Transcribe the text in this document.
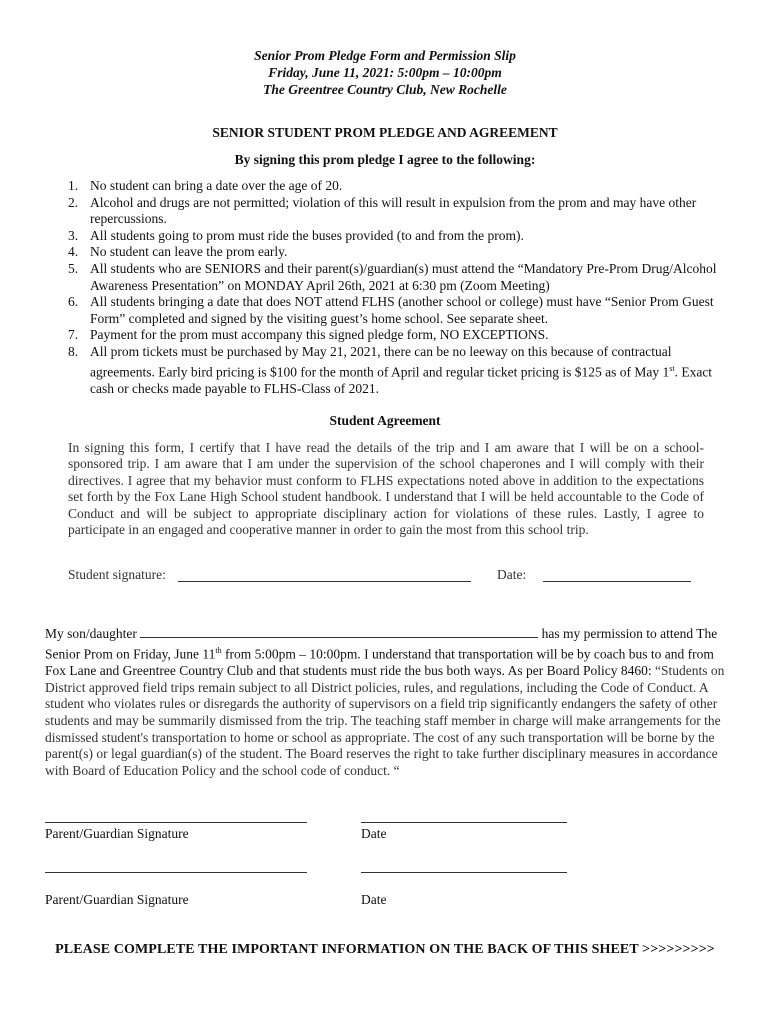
Senior Prom Pledge Form and Permission Slip
Friday, June 11, 2021: 5:00pm – 10:00pm
The Greentree Country Club, New Rochelle
SENIOR STUDENT PROM PLEDGE AND AGREEMENT
By signing this prom pledge I agree to the following:
1. No student can bring a date over the age of 20.
2. Alcohol and drugs are not permitted; violation of this will result in expulsion from the prom and may have other repercussions.
3. All students going to prom must ride the buses provided (to and from the prom).
4. No student can leave the prom early.
5. All students who are SENIORS and their parent(s)/guardian(s) must attend the “Mandatory Pre-Prom Drug/Alcohol Awareness Presentation” on MONDAY April 26th, 2021 at 6:30 pm (Zoom Meeting)
6. All students bringing a date that does NOT attend FLHS (another school or college) must have “Senior Prom Guest Form” completed and signed by the visiting guest’s home school. See separate sheet.
7. Payment for the prom must accompany this signed pledge form, NO EXCEPTIONS.
8. All prom tickets must be purchased by May 21, 2021, there can be no leeway on this because of contractual agreements. Early bird pricing is $100 for the month of April and regular ticket pricing is $125 as of May 1st. Exact cash or checks made payable to FLHS-Class of 2021.
Student Agreement
In signing this form, I certify that I have read the details of the trip and I am aware that I will be on a school-sponsored trip. I am aware that I am under the supervision of the school chaperones and I will comply with their directives. I agree that my behavior must conform to FLHS expectations noted above in addition to the expectations set forth by the Fox Lane High School student handbook. I understand that I will be held accountable to the Code of Conduct and will be subject to appropriate disciplinary action for violations of these rules. Lastly, I agree to participate in an engaged and cooperative manner in order to gain the most from this school trip.
Student signature:	Date:
My son/daughter	has my permission to attend The Senior Prom on Friday, June 11th from 5:00pm – 10:00pm. I understand that transportation will be by coach bus to and from Fox Lane and Greentree Country Club and that students must ride the bus both ways. As per Board Policy 8460: “Students on District approved field trips remain subject to all District policies, rules, and regulations, including the Code of Conduct. A student who violates rules or disregards the authority of supervisors on a field trip significantly endangers the safety of other students and may be summarily dismissed from the trip. The teaching staff member in charge will make arrangements for the dismissed student's transportation to home or school as appropriate. The cost of any such transportation will be borne by the parent(s) or legal guardian(s) of the student. The Board reserves the right to take further disciplinary measures in accordance with Board of Education Policy and the school code of conduct. “
Parent/Guardian Signature	Date
Parent/Guardian Signature	Date
PLEASE COMPLETE THE IMPORTANT INFORMATION ON THE BACK OF THIS SHEET >>>>>>>>>
